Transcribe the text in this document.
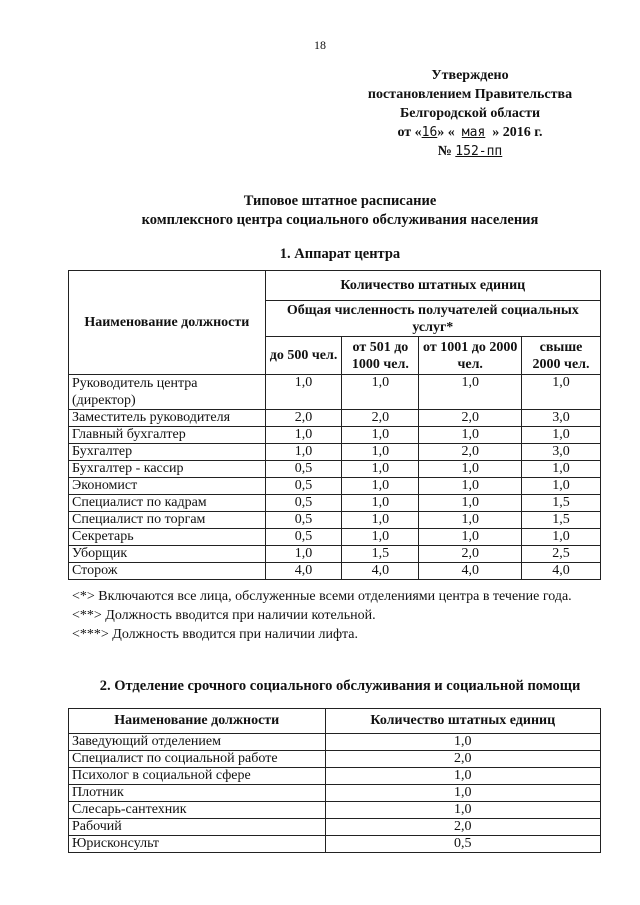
18
Утверждено
постановлением Правительства
Белгородской области
от «16» « мая » 2016 г.
№ 152-пп
Типовое штатное расписание
комплексного центра социального обслуживания населения
1. Аппарат центра
Наименование должности	Количество штатных единиц			
	Общая численность получателей социальных услуг*			
	до 500 чел.	от 501 до 1000 чел.	от 1001 до 2000 чел.	свыше 2000 чел.
Руководитель центра (директор)	1,0	1,0	1,0	1,0
Заместитель руководителя	2,0	2,0	2,0	3,0
Главный бухгалтер	1,0	1,0	1,0	1,0
Бухгалтер	1,0	1,0	2,0	3,0
Бухгалтер - кассир	0,5	1,0	1,0	1,0
Экономист	0,5	1,0	1,0	1,0
Специалист по кадрам	0,5	1,0	1,0	1,5
Специалист по торгам	0,5	1,0	1,0	1,5
Секретарь	0,5	1,0	1,0	1,0
Уборщик	1,0	1,5	2,0	2,5
Сторож	4,0	4,0	4,0	4,0

<*> Включаются все лица, обслуженные всеми отделениями центра в течение года.

<**> Должность вводится при наличии котельной.

<***> Должность вводится при наличии лифта.

2. Отделение срочного социального обслуживания и социальной помощи
Наименование должности	Количество штатных единиц
Заведующий отделением	1,0
Специалист по социальной работе	2,0
Психолог в социальной сфере	1,0
Плотник	1,0
Слесарь-сантехник	1,0
Рабочий	2,0
Юрисконсульт	0,5
